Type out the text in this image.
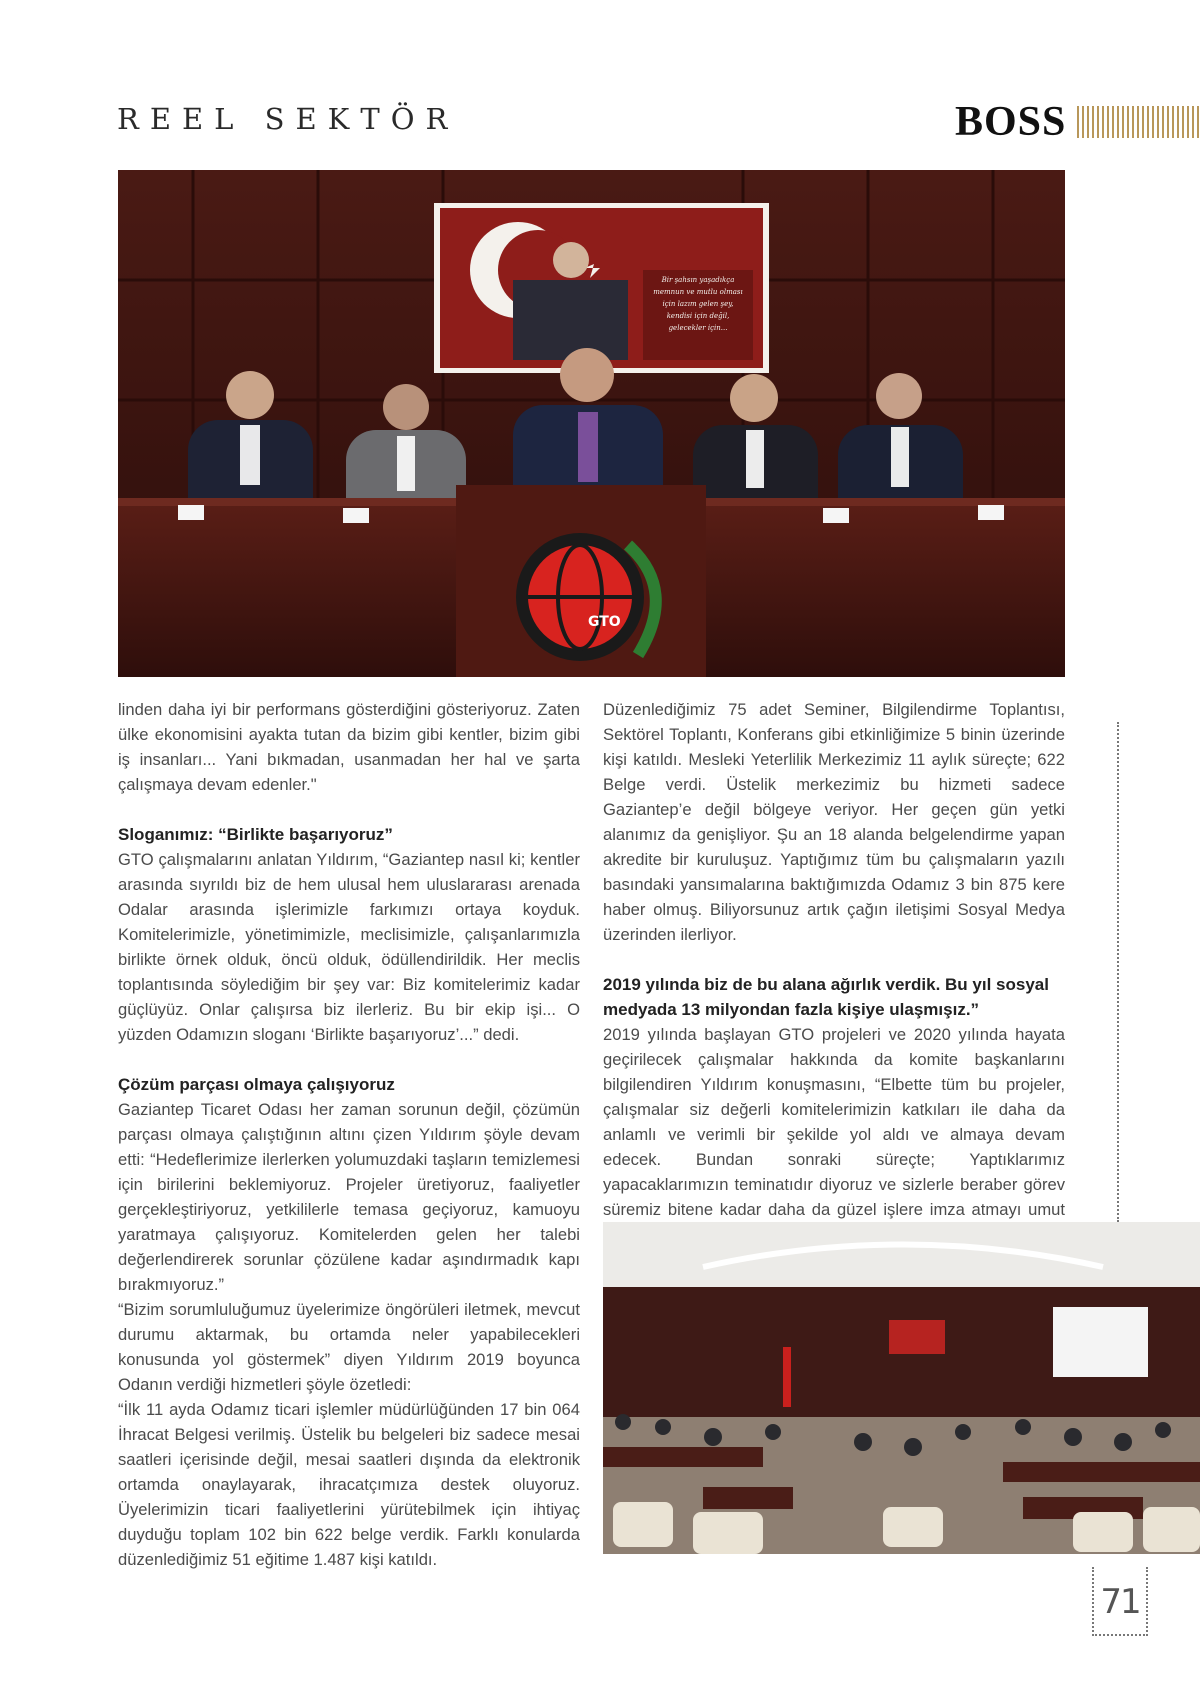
REEL SEKTÖR	BOSS
Bir şahsın yaşadıkça
memnun ve mutlu olması
için lazım gelen şey,
kendisi için değil,
gelecekler için...
GTO

linden daha iyi bir performans gösterdiğini gösteriyoruz. Zaten ülke ekonomisini ayakta tutan da bizim gibi kentler, bizim gibi iş insanları... Yani bıkmadan, usanmadan her hal ve şarta çalışmaya devam edenler."

Sloganımız: “Birlikte başarıyoruz”

GTO çalışmalarını anlatan Yıldırım, “Gaziantep nasıl ki; kentler arasında sıyrıldı biz de hem ulusal hem uluslararası arenada Odalar arasında işlerimizle farkımızı ortaya koyduk. Komitelerimizle, yönetimimizle, meclisimizle, çalışanlarımızla birlikte örnek olduk, öncü olduk, ödüllendirildik. Her meclis toplantısında söylediğim bir şey var: Biz komitelerimiz kadar güçlüyüz. Onlar çalışırsa biz ilerleriz. Bu bir ekip işi... O yüzden Odamızın sloganı ‘Birlikte başarıyoruz’...” dedi.

Çözüm parçası olmaya çalışıyoruz

Gaziantep Ticaret Odası her zaman sorunun değil, çözümün parçası olmaya çalıştığının altını çizen Yıldırım şöyle devam etti: “Hedeflerimize ilerlerken yolumuzdaki taşların temizlemesi için birilerini beklemiyoruz. Projeler üretiyoruz, faaliyetler gerçekleştiriyoruz, yetkililerle temasa geçiyoruz, kamuoyu yaratmaya çalışıyoruz. Komitelerden gelen her talebi değerlendirerek sorunlar çözülene kadar aşındırmadık kapı bırakmıyoruz.”

“Bizim sorumluluğumuz üyelerimize öngörüleri iletmek, mevcut durumu aktarmak, bu ortamda neler yapabilecekleri konusunda yol göstermek” diyen Yıldırım 2019 boyunca Odanın verdiği hizmetleri şöyle özetledi:

“İlk 11 ayda Odamız ticari işlemler müdürlüğünden 17 bin 064 İhracat Belgesi verilmiş. Üstelik bu belgeleri biz sadece mesai saatleri içerisinde değil, mesai saatleri dışında da elektronik ortamda onaylayarak, ihracatçımıza destek oluyoruz. Üyelerimizin ticari faaliyetlerini yürütebilmek için ihtiyaç duyduğu toplam 102 bin 622 belge verdik. Farklı konularda düzenlediğimiz 51 eğitime 1.487 kişi katıldı.

Düzenlediğimiz 75 adet Seminer, Bilgilendirme Toplantısı, Sektörel Toplantı, Konferans gibi etkinliğimize 5 binin üzerinde kişi katıldı. Mesleki Yeterlilik Merkezimiz 11 aylık süreçte; 622 Belge verdi. Üstelik merkezimiz bu hizmeti sadece Gaziantep’e değil bölgeye veriyor. Her geçen gün yetki alanımız da genişliyor. Şu an 18 alanda belgelendirme yapan akredite bir kuruluşuz. Yaptığımız tüm bu çalışmaların yazılı basındaki yansımalarına baktığımızda Odamız 3 bin 875 kere haber olmuş. Biliyorsunuz artık çağın iletişimi Sosyal Medya üzerinden ilerliyor.

2019 yılında biz de bu alana ağırlık verdik. Bu yıl sosyal medyada 13 milyondan fazla kişiye ulaşmışız.”

2019 yılında başlayan GTO projeleri ve 2020 yılında hayata geçirilecek çalışmalar hakkında da komite başkanlarını bilgilendiren Yıldırım konuşmasını, “Elbette tüm bu projeler, çalışmalar siz değerli komitelerimizin katkıları ile daha da anlamlı ve verimli bir şekilde yol aldı ve almaya devam edecek. Bundan sonraki süreçte; Yaptıklarımız yapacaklarımızın teminatıdır diyoruz ve sizlerle beraber görev süremiz bitene kadar daha da güzel işlere imza atmayı umut

71
